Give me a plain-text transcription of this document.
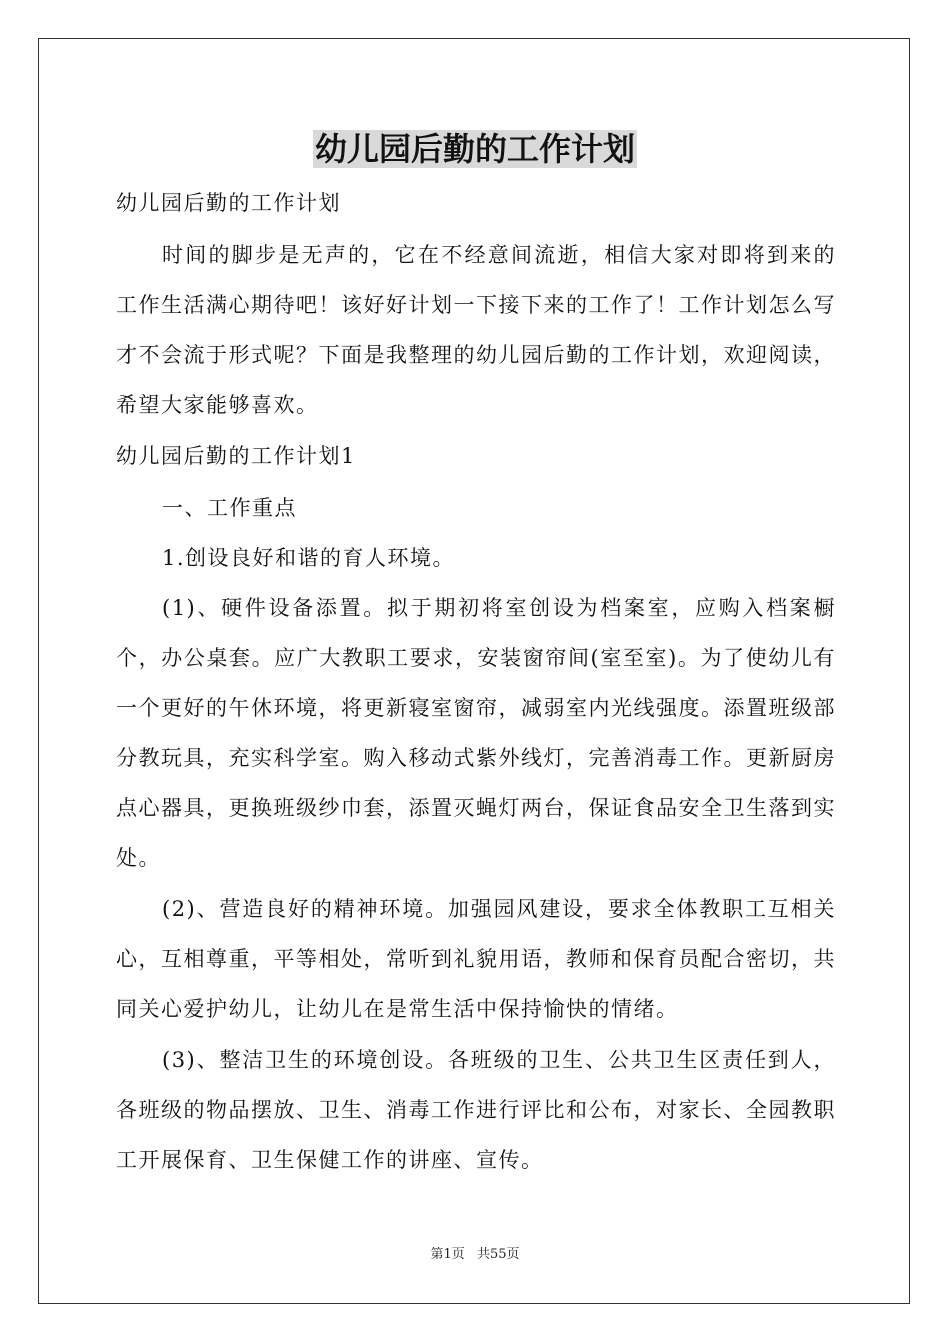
幼儿园后勤的工作计划

幼儿园后勤的工作计划

时间的脚步是无声的，它在不经意间流逝，相信大家对即将到来的工作生活满心期待吧！该好好计划一下接下来的工作了！工作计划怎么写才不会流于形式呢？下面是我整理的幼儿园后勤的工作计划，欢迎阅读，希望大家能够喜欢。

幼儿园后勤的工作计划1

一、工作重点

1.创设良好和谐的育人环境。

(1)、硬件设备添置。拟于期初将室创设为档案室，应购入档案橱个，办公桌套。应广大教职工要求，安装窗帘间(室至室)。为了使幼儿有一个更好的午休环境，将更新寝室窗帘，减弱室内光线强度。添置班级部分教玩具，充实科学室。购入移动式紫外线灯，完善消毒工作。更新厨房点心器具，更换班级纱巾套，添置灭蝇灯两台，保证食品安全卫生落到实处。

(2)、营造良好的精神环境。加强园风建设，要求全体教职工互相关心，互相尊重，平等相处，常听到礼貌用语，教师和保育员配合密切，共同关心爱护幼儿，让幼儿在是常生活中保持愉快的情绪。

(3)、整洁卫生的环境创设。各班级的卫生、公共卫生区责任到人，各班级的物品摆放、卫生、消毒工作进行评比和公布，对家长、全园教职工开展保育、卫生保健工作的讲座、宣传。

第1页 共55页
